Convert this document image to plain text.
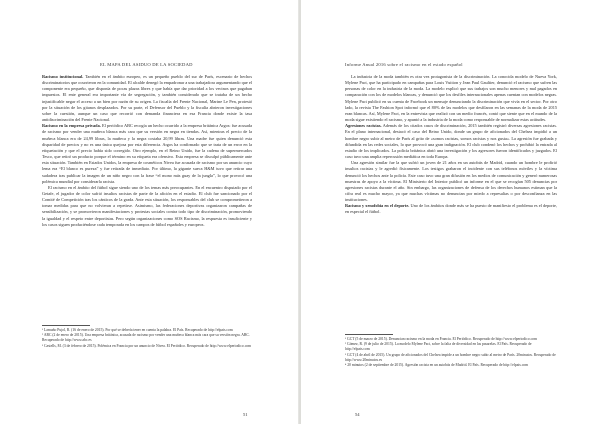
EL MAPA DEL ASIDUO DE LA SOCIEDAD

Racismo institucional. También en el ámbito europeo, es un pequeño pueblo del sur de París, escenario de hechos discriminatorios que ocurrieron en la comunidad. El alcalde denegó la empadronar a una trabajadora argumentando que el componente era pequeño, que disponía de pocas plazas libres y que había que dar prioridad a los vecinos que pagaban impuestos. El ente general era importante vía de segregación, y también considerado que se trataba de un hecho injustificable negar el acceso a un bien por razón de su origen. La fiscalía del Frente Nacional, Marine Le Pen, protestó por la situación de los gitanos desplazados. Por su parte, el Defensor del Pueblo y la fiscalía abrieron investigaciones sobre la cuestión, aunque un caso que recorrió con demanda financiera en esa Francia donde existe la tasa antidiscriminación del Frente Nacional.

Racismo en la empresa privada. El periódico ABC recogía un hecho ocurrido a la empresa británica Argos: fue acusada de racismo por vender una muñeca blanca más cara que su versión en negra en tiendas. Así, mientras el precio de la muñeca blanca era de 24,99 libras, la muñeca y la negra costaba 20,99 libras. Una madre fue quien denunció esta disparidad de precios y no es una única quejosa por esta diferencia. Argos ha confirmado que se trata de un error en la etiquetación y que el precio había sido corregido. Otro ejemplo, en el Reino Unido, fue la cadena de supermercados Tesco, que retiró un producto porque el término en su etiqueta era ofensivo. Esta empresa se disculpó públicamente ante esta situación. También en Estados Unidos, la empresa de cosméticos Nivea fue acusada de racismo por un anuncio cuyo lema era “El blanco es pureza” y fue retirada de inmediato. Por último, la gigante sueca H&M tuvo que retirar una sudadera tras publicar la imagen de un niño negro con la frase “el mono más guay de la jungla”, lo que provocó una polémica mundial por considerarla racista.

El racismo en el ámbito del fútbol sigue siendo uno de los temas más preocupantes. En el encuentro disputado por el Getafe, el jugador de color sufrió insultos racistas de parte de la afición en el estadio. El club fue sancionado por el Comité de Competición tras los cánticos de la grada. Ante esta situación, los responsables del club se comprometieron a tomar medidas para que no volvieran a repetirse. Asimismo, las federaciones deportivas organizaron campañas de sensibilización, y se promovieron manifestaciones y protestas sociales contra todo tipo de discriminación, promoviendo la igualdad y el respeto entre deportistas. Pero según organizaciones como SOS Racismo, la respuesta es insuficiente y los casos siguen produciéndose cada temporada en los campos de fútbol españoles y europeos.

¹ Lamuño Pujol, R. (16 de enero de 2015). Por qué se debería tener en cuenta la palabra. El País. Recuperado de http://elpais.com

² ABC (2 de enero de 2015). Una empresa británica, acusada de racismo por vender una muñeca blanca más cara que su versión negra. ABC. Recuperado de http://www.abc.es

³ Castells, M. (3 de febrero de 2015). Polémica en Francia por un anuncio de Nivea. El Periódico. Recuperado de http://www.elperiodico.com

51
Informe Anual 2016 sobre el racismo en el estado español

La industria de la moda también es otra vez protagonista de la discriminación. La conocida modelo de Nueva York, Mylene Pact, que ha participado en campañas para Louis Vuitton y Jean Paul Gaultier, denunció el racismo que sufren las personas de color en la industria de la moda. La modelo explicó que sus trabajos son mucho menores y mal pagados en comparación con los de modelos blancas, y denunció que los desfiles internacionales apenas cuentan con modelos negras. Mylene Pact publicó en su cuenta de Facebook un mensaje denunciando la discriminación que vivía en el sector. Por otro lado, la revista The Fashion Spot informó que el 80% de las modelos que desfilaron en las semanas de la moda de 2015 eran blancas. Así, Mylene Pact, en la entrevista que realizó con un medio francés, contó que siente que en el mundo de la moda sigue existiendo el racismo, y apuntó a la industria de la moda como responsable de normalizar estas actitudes.

Agresiones racistas. Además de los citados casos de discriminación, 2015 también registró diversas agresiones racistas. En el plano internacional, destacó el caso del Reino Unido, donde un grupo de aficionados del Chelsea impidió a un hombre negro subir al metro de París al grito de «somos racistas, somos racistas y nos gusta». La agresión fue grabada y difundida en las redes sociales, lo que provocó una gran indignación. El club condenó los hechos y prohibió la entrada al estadio de los implicados. La policía británica abrió una investigación y los agresores fueron identificados y juzgados. El caso tuvo una amplia repercusión mediática en toda Europa.

Una agresión similar fue la que sufrió un joven de 21 años en un autobús de Madrid, cuando un hombre le profirió insultos racistas y le agredió físicamente. Los testigos grabaron el incidente con sus teléfonos móviles y la víctima denunció los hechos ante la policía. Este caso tuvo una gran difusión en los medios de comunicación y generó numerosas muestras de apoyo a la víctima. El Ministerio del Interior publicó un informe en el que se recogían 505 denuncias por agresiones racistas durante el año. Sin embargo, las organizaciones de defensa de los derechos humanos estiman que la cifra real es mucho mayor, ya que muchas víctimas no denuncian por miedo a represalias o por desconfianza en las instituciones.

Racismo y xenofobia en el deporte. Uno de los ámbitos donde más se ha puesto de manifiesto el problema es el deporte, en especial el fútbol.

¹ GCT (5 de marzo de 2015). Denuncian racismo en la moda en Francia. El Periódico. Recuperado de http://www.elperiodico.com

² Gómez, R. (9 de julio de 2015). La modelo Mylene Pact, sobre la falta de diversidad en las pasarelas. El País. Recuperado de http://elpais.com

³ GCT (4 de abril de 2015). Un grupo de aficionados del Chelsea impide a un hombre negro subir al metro de París. 20minutos. Recuperado de http://www.20minutos.es

⁴ 20 minutos (2 de septiembre de 2015). Agresión racista en un autobús de Madrid. El País. Recuperado de http://elpais.com

54
